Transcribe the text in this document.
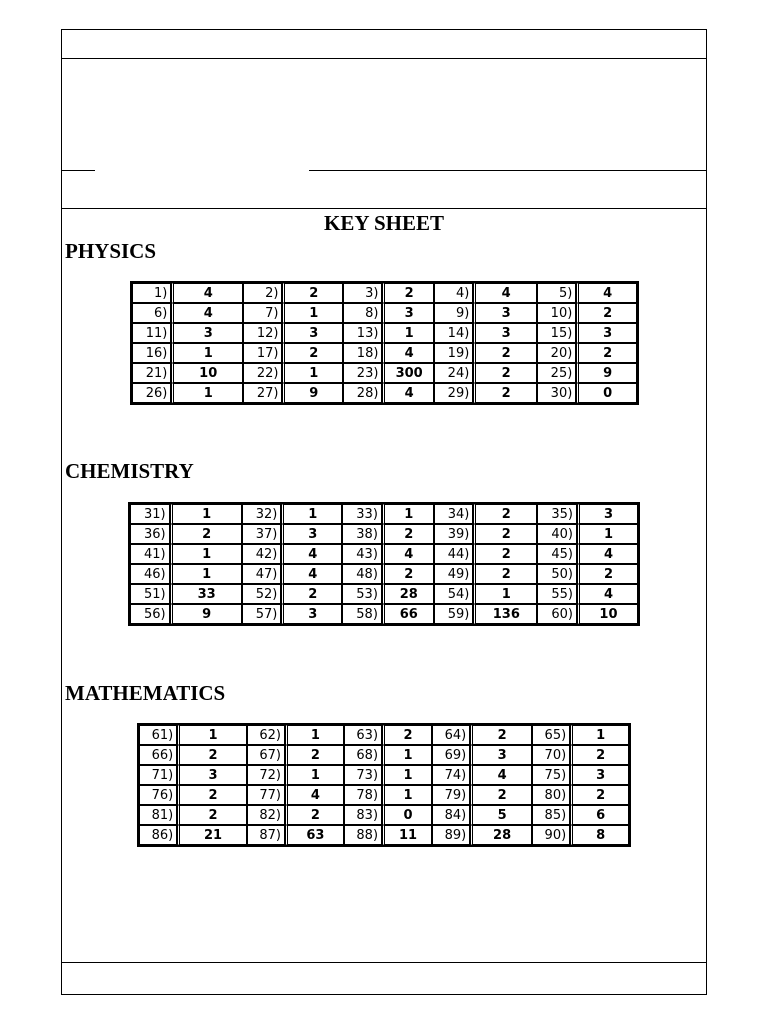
KEY SHEET
PHYSICS
1)	4	2)	2	3)	2	4)	4	5)	4
6)	4	7)	1	8)	3	9)	3	10)	2
11)	3	12)	3	13)	1	14)	3	15)	3
16)	1	17)	2	18)	4	19)	2	20)	2
21)	10	22)	1	23)	300	24)	2	25)	9
26)	1	27)	9	28)	4	29)	2	30)	0
CHEMISTRY
31)	1	32)	1	33)	1	34)	2	35)	3
36)	2	37)	3	38)	2	39)	2	40)	1
41)	1	42)	4	43)	4	44)	2	45)	4
46)	1	47)	4	48)	2	49)	2	50)	2
51)	33	52)	2	53)	28	54)	1	55)	4
56)	9	57)	3	58)	66	59)	136	60)	10
MATHEMATICS
61)	1	62)	1	63)	2	64)	2	65)	1
66)	2	67)	2	68)	1	69)	3	70)	2
71)	3	72)	1	73)	1	74)	4	75)	3
76)	2	77)	4	78)	1	79)	2	80)	2
81)	2	82)	2	83)	0	84)	5	85)	6
86)	21	87)	63	88)	11	89)	28	90)	8
